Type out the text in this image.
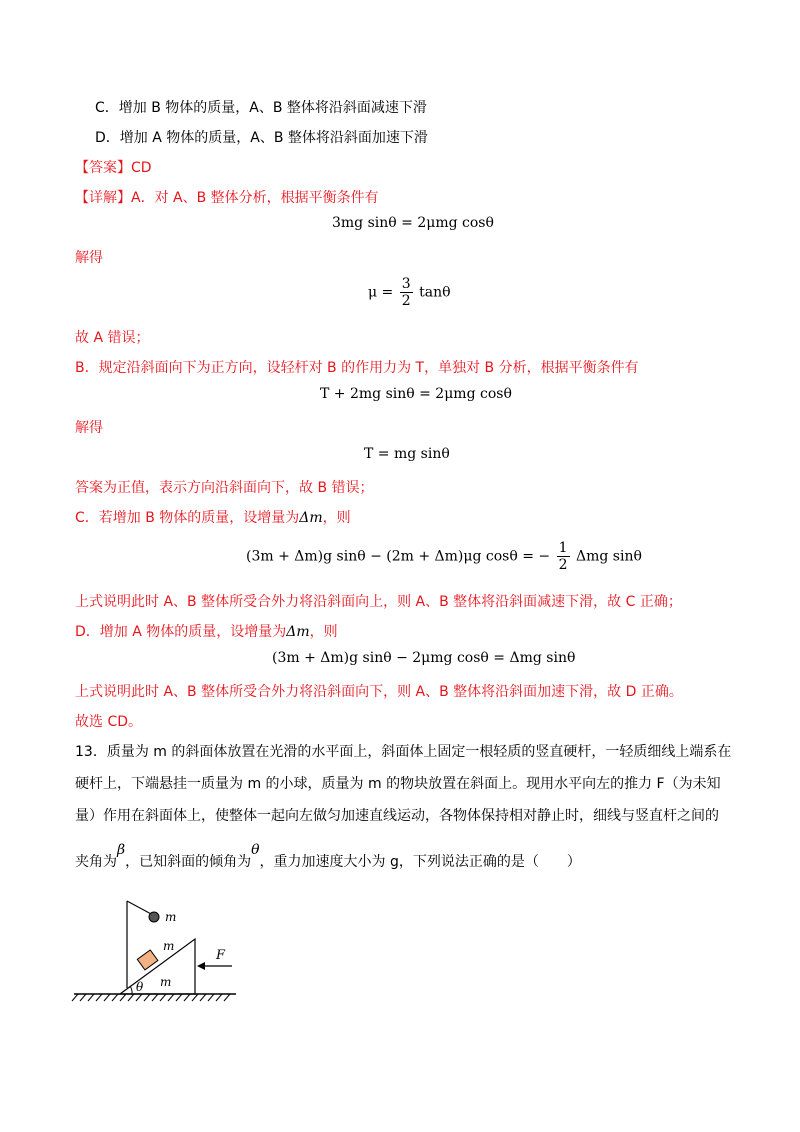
C．增加 B 物体的质量，A、B 整体将沿斜面减速下滑
D．增加 A 物体的质量，A、B 整体将沿斜面加速下滑
【答案】CD
【详解】A．对 A、B 整体分析，根据平衡条件有
3mg sinθ = 2μmg cosθ
解得
$\mu = \frac{3}{2}$ tanθ
故 A 错误；
B．规定沿斜面向下为正方向，设轻杆对 B 的作用力为 T，单独对 B 分析，根据平衡条件有
T + 2mg sinθ = 2μmg cosθ
解得
T = mg sinθ
答案为正值，表示方向沿斜面向下，故 B 错误；
C．若增加 B 物体的质量，设增量为Δm，则
(3m + Δm)g sinθ − (2m + Δm)μg cosθ = − $\frac{1}{2}$ Δmg sinθ
上式说明此时 A、B 整体所受合外力将沿斜面向上，则 A、B 整体将沿斜面减速下滑，故 C 正确；
D．增加 A 物体的质量，设增量为Δm，则
(3m + Δm)g sinθ − 2μmg cosθ = Δmg sinθ
上式说明此时 A、B 整体所受合外力将沿斜面向下，则 A、B 整体将沿斜面加速下滑，故 D 正确。
故选 CD。
13．质量为 m 的斜面体放置在光滑的水平面上，斜面体上固定一根轻质的竖直硬杆，一轻质细线上端系在
硬杆上，下端悬挂一质量为 m 的小球，质量为 m 的物块放置在斜面上。现用水平向左的推力 F（为未知
量）作用在斜面体上，使整体一起向左做匀加速直线运动，各物体保持相对静止时，细线与竖直杆之间的
夹角为β，已知斜面的倾角为θ，重力加速度大小为 g，下列说法正确的是（　　）
m
m
m
θ
F
